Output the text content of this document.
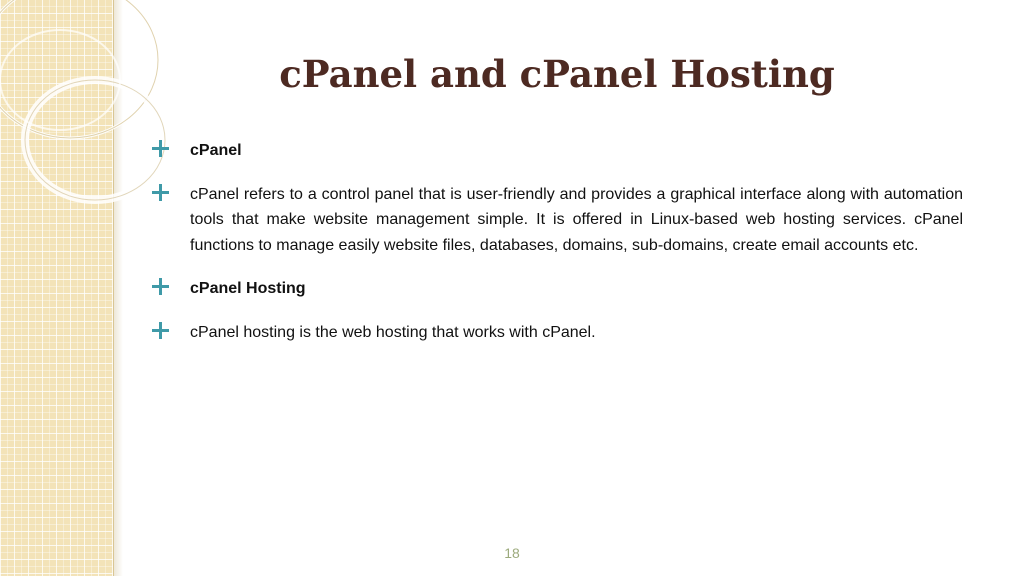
cPanel and cPanel Hosting
cPanel
cPanel refers to a control panel that is user-friendly and provides a graphical interface along with automation tools that make website management simple. It is offered in Linux-based web hosting services. cPanel functions to manage easily website files, databases, domains, sub-domains, create email accounts etc.
cPanel Hosting
cPanel hosting is the web hosting that works with cPanel.
18
